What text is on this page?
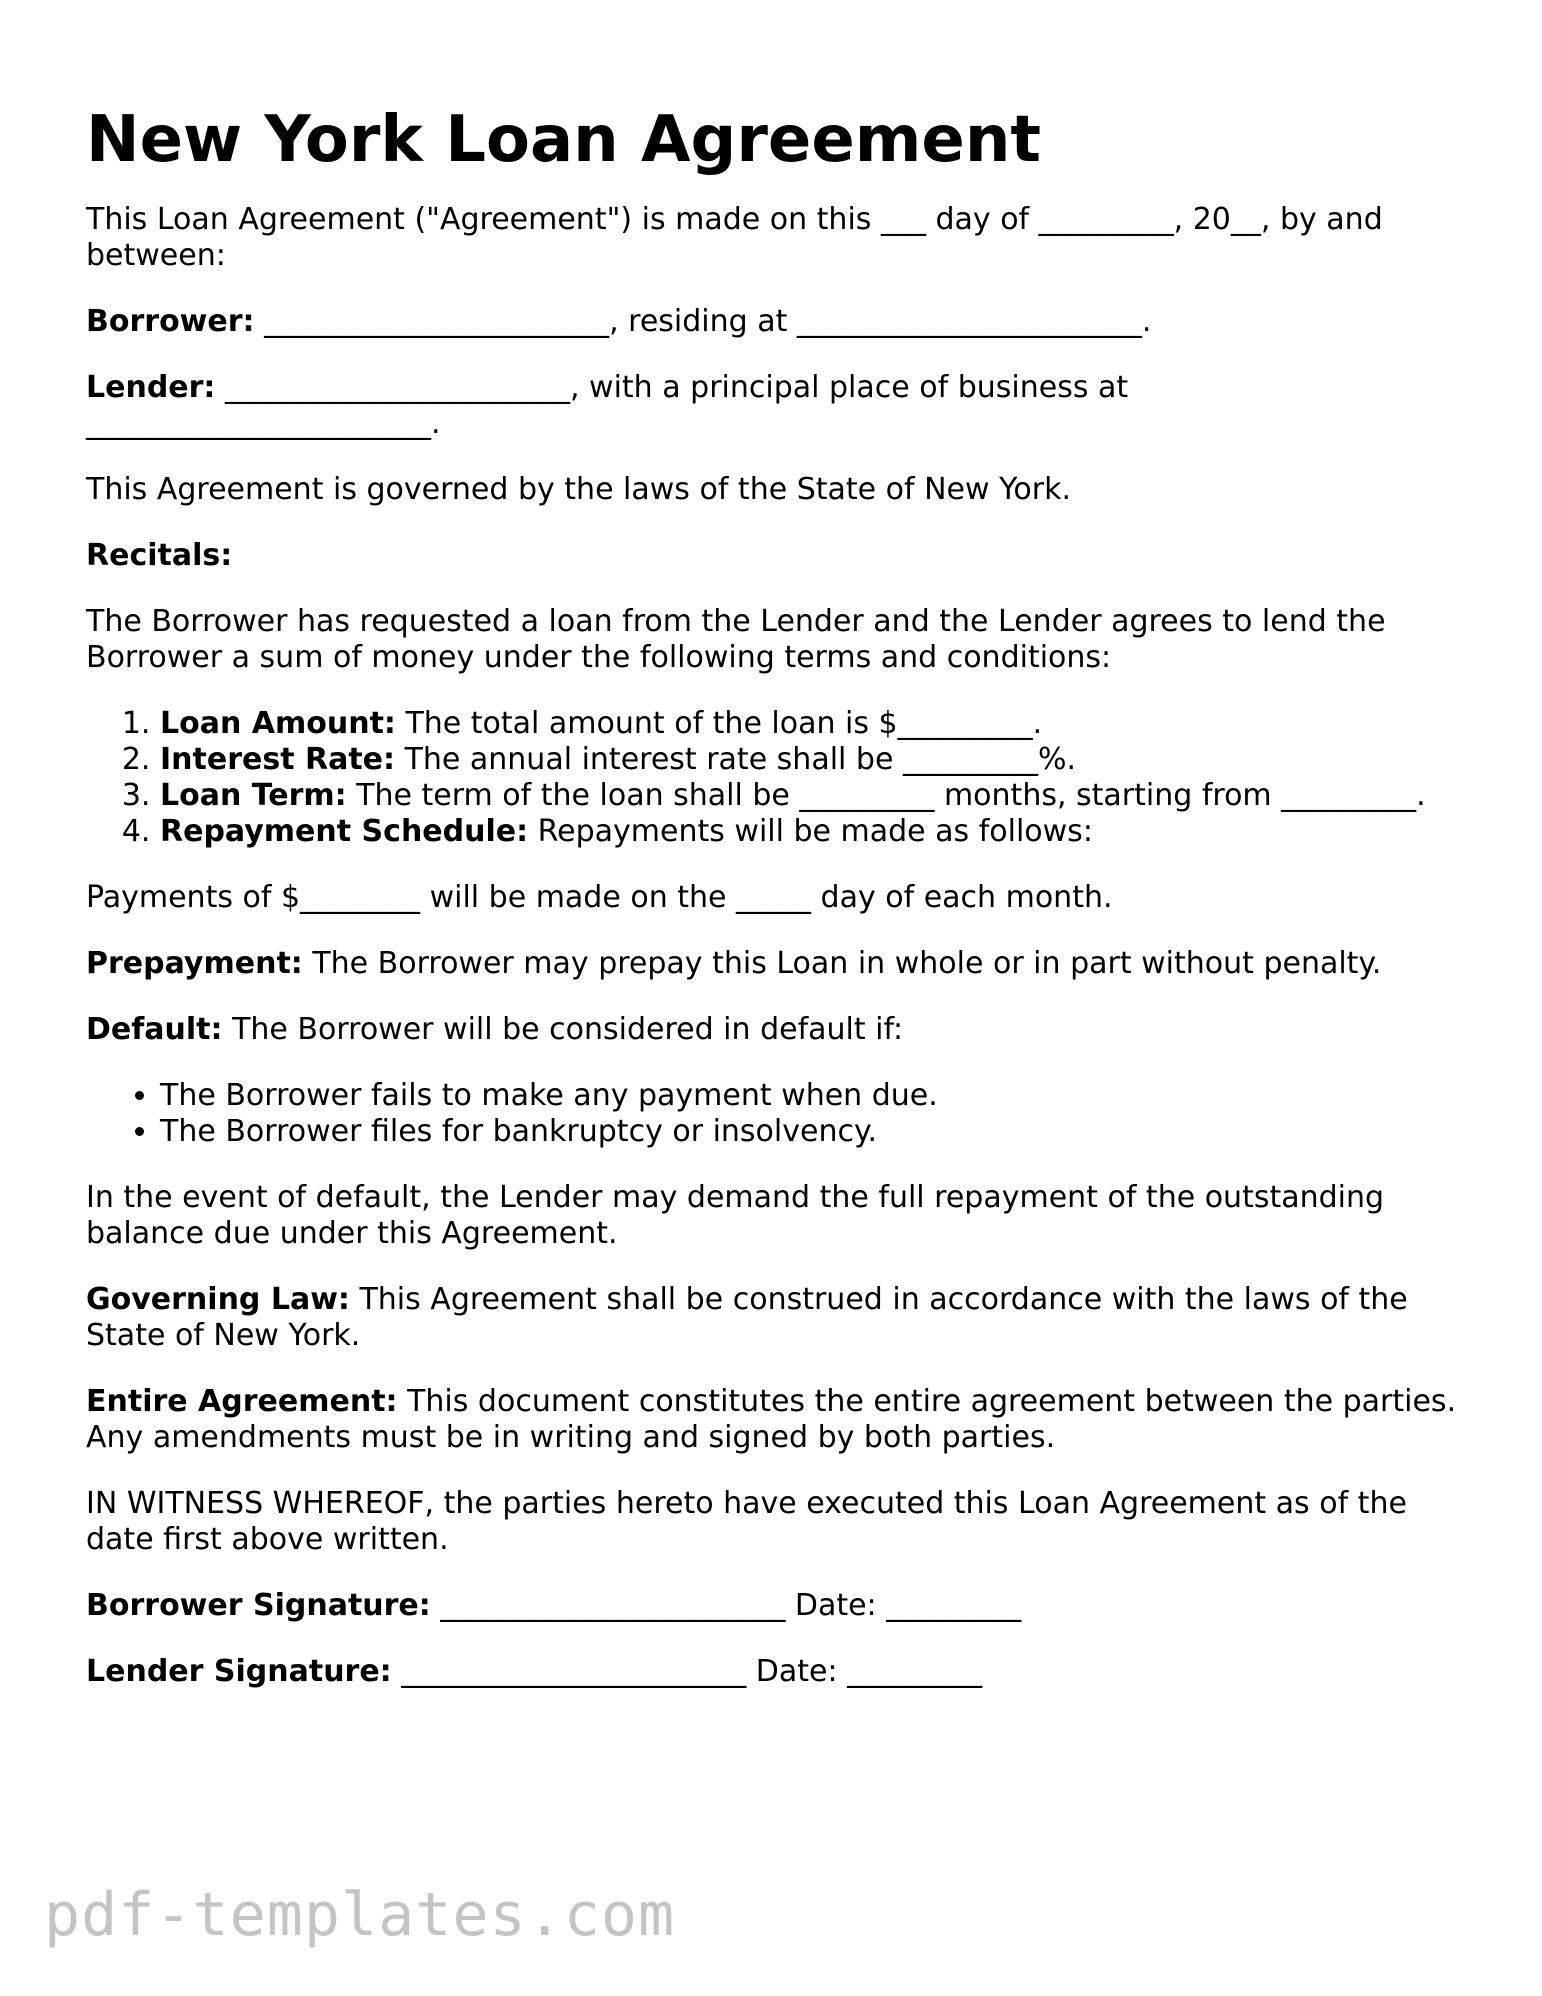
New York Loan Agreement

This Loan Agreement ("Agreement") is made on this ___ day of _________, 20__, by and between:

Borrower: _______________________, residing at _______________________.

Lender: _______________________, with a principal place of business at _______________________.

This Agreement is governed by the laws of the State of New York.

Recitals:

The Borrower has requested a loan from the Lender and the Lender agrees to lend the Borrower a sum of money under the following terms and conditions:

1. Loan Amount: The total amount of the loan is $_________.
2. Interest Rate: The annual interest rate shall be _________%.
3. Loan Term: The term of the loan shall be _________ months, starting from _________.
4. Repayment Schedule: Repayments will be made as follows:

Payments of $________ will be made on the _____ day of each month.

Prepayment: The Borrower may prepay this Loan in whole or in part without penalty.

Default: The Borrower will be considered in default if:

• The Borrower fails to make any payment when due.
• The Borrower files for bankruptcy or insolvency.

In the event of default, the Lender may demand the full repayment of the outstanding balance due under this Agreement.

Governing Law: This Agreement shall be construed in accordance with the laws of the State of New York.

Entire Agreement: This document constitutes the entire agreement between the parties. Any amendments must be in writing and signed by both parties.

IN WITNESS WHEREOF, the parties hereto have executed this Loan Agreement as of the date first above written.

Borrower Signature: _______________________ Date: _________

Lender Signature: _______________________ Date: _________

pdf-templates.com
